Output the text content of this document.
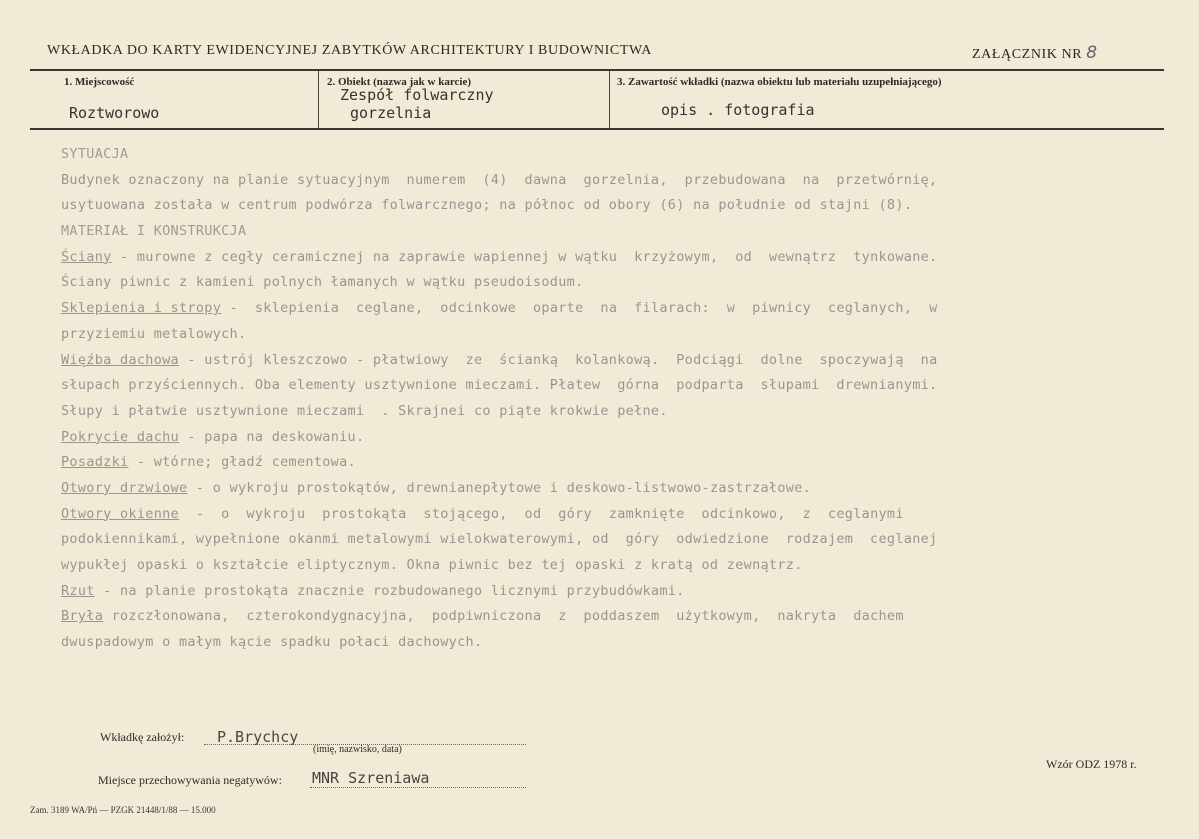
WKŁADKA DO KARTY EWIDENCYJNEJ ZABYTKÓW ARCHITEKTURY I BUDOWNICTWA	ZAŁĄCZNIK NR 8
1. Miejscowość
Roztworowo
2. Obiekt (nazwa jak w karcie)
Zespół folwarczny
gorzelnia
3. Zawartość wkładki (nazwa obiektu lub materiału uzupełniającego)
opis . fotografia
SYTUACJA
Budynek oznaczony na planie sytuacyjnym  numerem  (4)  dawna  gorzelnia,  przebudowana  na  przetwórnię,
usytuowana została w centrum podwórza folwarcznego; na północ od obory (6) na południe od stajni (8).
MATERIAŁ I KONSTRUKCJA
Ściany - murowne z cegły ceramicznej na zaprawie wapiennej w wątku  krzyżowym,  od  wewnątrz  tynkowane.
Ściany piwnic z kamieni polnych łamanych w wątku pseudoisodum.
Sklepienia i stropy -  sklepienia  ceglane,  odcinkowe  oparte  na  filarach:  w  piwnicy  ceglanych,  w
przyziemiu metalowych.
Więźba dachowa - ustrój kleszczowo - płatwiowy  ze  ścianką  kolankową.  Podciągi  dolne  spoczywają  na
słupach przyściennych. Oba elementy usztywnione mieczami. Płatew  górna  podparta  słupami  drewnianymi.
Słupy i płatwie usztywnione mieczami  . Skrajnei co piąte krokwie pełne.
Pokrycie dachu - papa na deskowaniu.
Posadzki - wtórne; gładź cementowa.
Otwory drzwiowe - o wykroju prostokątów, drewnianepłytowe i deskowo-listwowo-zastrzałowe.
Otwory okienne  -  o  wykroju  prostokąta  stojącego,  od  góry  zamknięte  odcinkowo,  z  ceglanymi
podokiennikami, wypełnione okanmi metalowymi wielokwaterowymi, od  góry  odwiedzione  rodzajem  ceglanej
wypukłej opaski o kształcie eliptycznym. Okna piwnic bez tej opaski z kratą od zewnątrz.
Rzut - na planie prostokąta znacznie rozbudowanego licznymi przybudówkami.
Bryła rozczłonowana,  czterokondygnacyjna,  podpiwniczona  z  poddaszem  użytkowym,  nakryta  dachem
dwuspadowym o małym kącie spadku połaci dachowych.
Wkładkę założył: P.Brychcy
(imię, nazwisko, data)
Miejsce przechowywania negatywów: MNR Szreniawa
Wzór ODZ 1978 r.
Zam. 3189 WA/Pń — PZGK 21448/1/88 — 15.000
